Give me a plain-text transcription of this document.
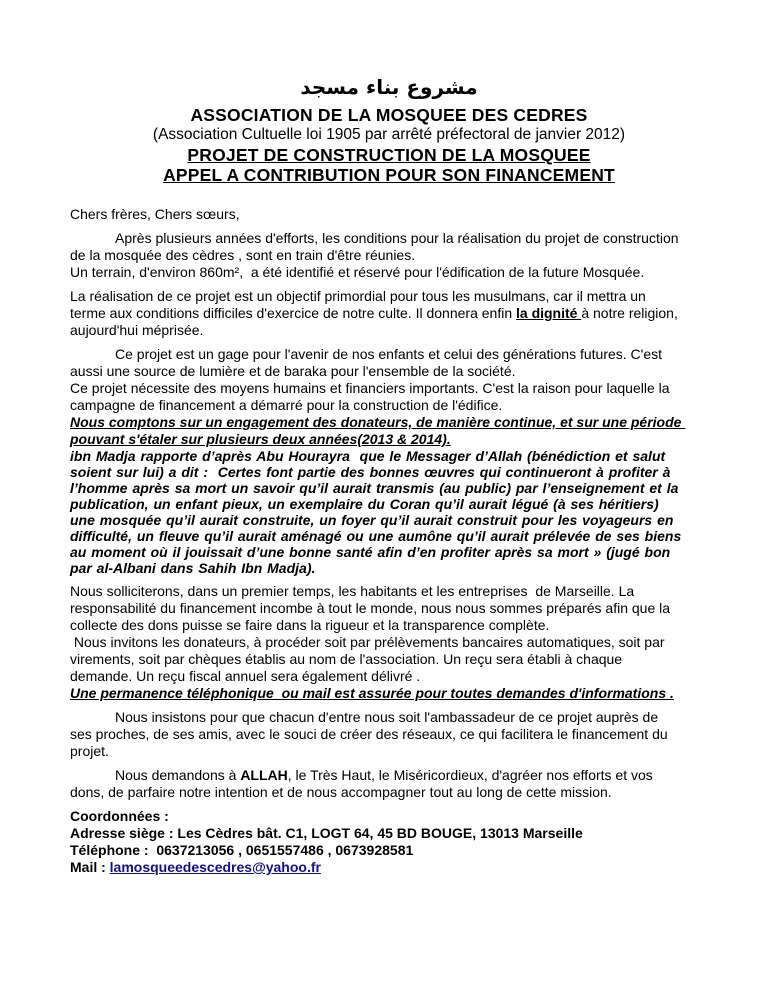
مشروع بناء مسجد
ASSOCIATION DE LA MOSQUEE DES CEDRES
(Association Cultuelle loi 1905 par arrêté préfectoral de janvier 2012)
PROJET DE CONSTRUCTION DE LA MOSQUEE
APPEL A CONTRIBUTION POUR SON FINANCEMENT
Chers frères, Chers sœurs,
Après plusieurs années d'efforts, les conditions pour la réalisation du projet de construction
de la mosquée des cèdres , sont en train d'être réunies.
Un terrain, d'environ 860m²,  a été identifié et réservé pour l'édification de la future Mosquée.
La réalisation de ce projet est un objectif primordial pour tous les musulmans, car il mettra un
terme aux conditions difficiles d'exercice de notre culte. Il donnera enfin la dignité à notre religion,
aujourd'hui méprisée.
Ce projet est un gage pour l'avenir de nos enfants et celui des générations futures. C'est
aussi une source de lumière et de baraka pour l'ensemble de la société.
Ce projet nécessite des moyens humains et financiers importants. C'est la raison pour laquelle la
campagne de financement a démarré pour la construction de l'édifice.
Nous comptons sur un engagement des donateurs, de manière continue, et sur une période
pouvant s'étaler sur plusieurs deux années(2013 & 2014).
ibn Madja rapporte d’après Abu Hourayra  que le Messager d’Allah (bénédiction et salut
soient sur lui) a dit :  Certes font partie des bonnes œuvres qui continueront à profiter à
l’homme après sa mort un savoir qu’il aurait transmis (au public) par l’enseignement et la
publication, un enfant pieux, un exemplaire du Coran qu’il aurait légué (à ses héritiers)
une mosquée qu’il aurait construite, un foyer qu’il aurait construit pour les voyageurs en
difficulté, un fleuve qu’il aurait aménagé ou une aumône qu’il aurait prélevée de ses biens
au moment où il jouissait d’une bonne santé afin d’en profiter après sa mort » (jugé bon
par al-Albani dans Sahih Ibn Madja).
Nous solliciterons, dans un premier temps, les habitants et les entreprises  de Marseille. La
responsabilité du financement incombe à tout le monde, nous nous sommes préparés afin que la
collecte des dons puisse se faire dans la rigueur et la transparence complète.
Nous invitons les donateurs, à procéder soit par prélèvements bancaires automatiques, soit par
virements, soit par chèques établis au nom de l'association. Un reçu sera établi à chaque
demande. Un reçu fiscal annuel sera également délivré .
Une permanence téléphonique  ou mail est assurée pour toutes demandes d'informations .
Nous insistons pour que chacun d'entre nous soit l'ambassadeur de ce projet auprès de
ses proches, de ses amis, avec le souci de créer des réseaux, ce qui facilitera le financement du
projet.
Nous demandons à ALLAH, le Très Haut, le Miséricordieux, d'agréer nos efforts et vos
dons, de parfaire notre intention et de nous accompagner tout au long de cette mission.
Coordonnées :
Adresse siège : Les Cèdres bât. C1, LOGT 64, 45 BD BOUGE, 13013 Marseille
Téléphone :  0637213056 , 0651557486 , 0673928581
Mail : lamosqueedescedres@yahoo.fr
